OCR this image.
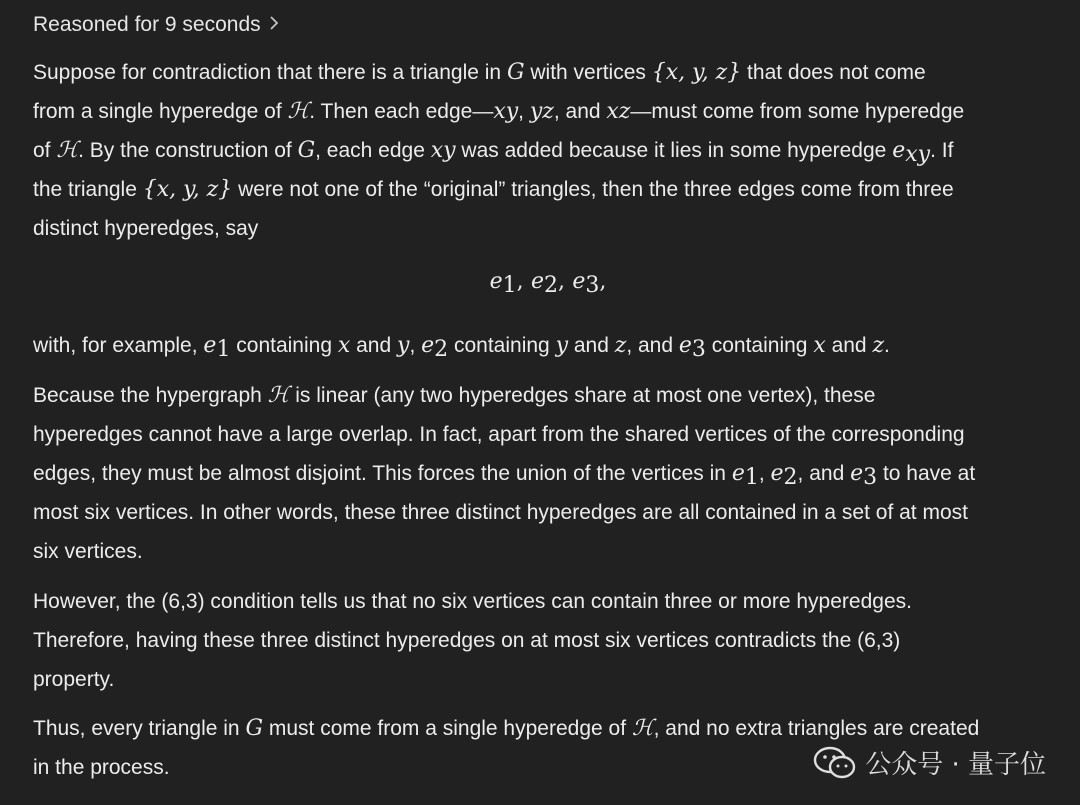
Reasoned for 9 seconds

Suppose for contradiction that there is a triangle in G with vertices {x, y, z} that does not come
from a single hyperedge of ℋ. Then each edge—xy, yz, and xz—must come from some hyperedge
of ℋ. By the construction of G, each edge xy was added because it lies in some hyperedge $e_{xy}$. If
the triangle {x, y, z} were not one of the “original” triangles, then the three edges come from three
distinct hyperedges, say

$e_1$, $e_2$, $e_3$,

with, for example, $e_1$ containing x and y, $e_2$ containing y and z, and $e_3$ containing x and z.

Because the hypergraph ℋ is linear (any two hyperedges share at most one vertex), these
hyperedges cannot have a large overlap. In fact, apart from the shared vertices of the corresponding
edges, they must be almost disjoint. This forces the union of the vertices in $e_1$, $e_2$, and $e_3$ to have at
most six vertices. In other words, these three distinct hyperedges are all contained in a set of at most
six vertices.

However, the (6,3) condition tells us that no six vertices can contain three or more hyperedges.
Therefore, having these three distinct hyperedges on at most six vertices contradicts the (6,3)
property.

Thus, every triangle in G must come from a single hyperedge of ℋ, and no extra triangles are created
in the process.	公众号 · 量子位
